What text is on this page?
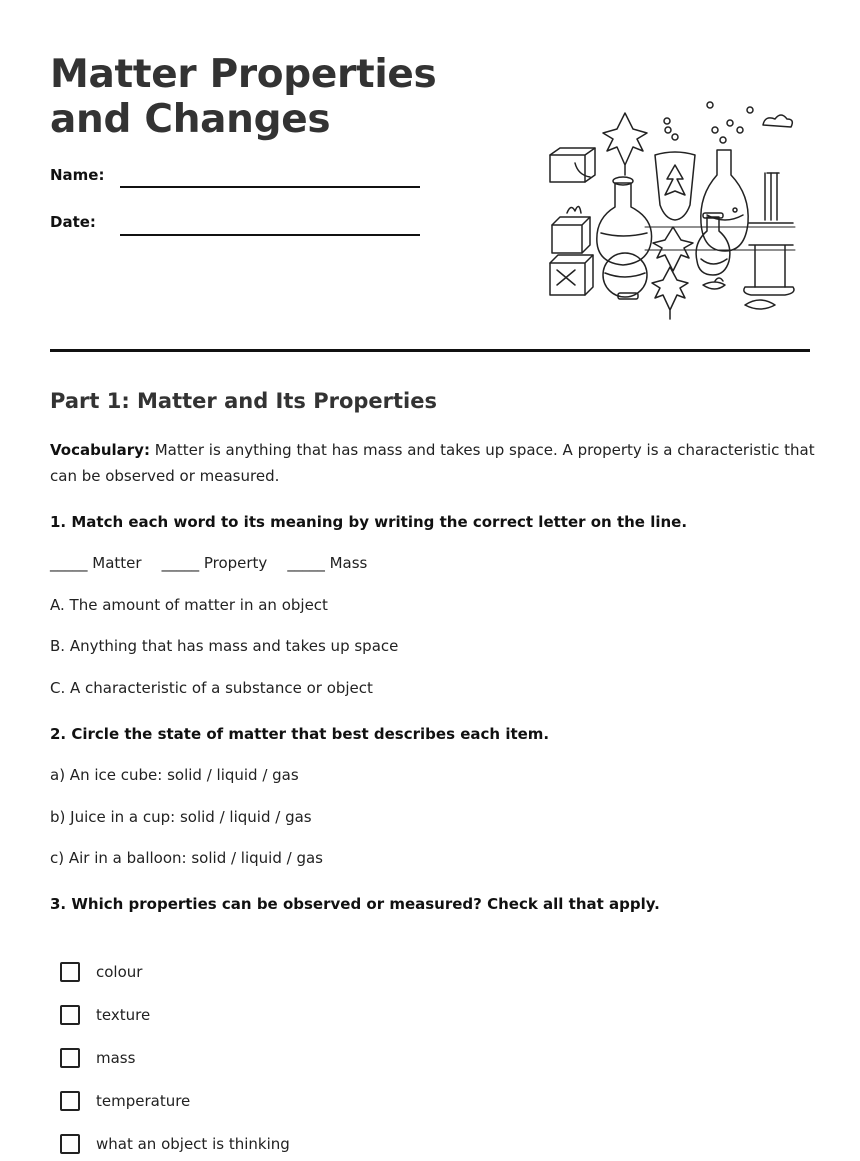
Matter Properties and Changes
Name:
Date:
Part 1: Matter and Its Properties
Vocabulary: Matter is anything that has mass and takes up space. A property is a characteristic that can be observed or measured.
1. Match each word to its meaning by writing the correct letter on the line.
_____ Matter _____ Property _____ Mass
A. The amount of matter in an object
B. Anything that has mass and takes up space
C. A characteristic of a substance or object
2. Circle the state of matter that best describes each item.
a) An ice cube: solid / liquid / gas
b) Juice in a cup: solid / liquid / gas
c) Air in a balloon: solid / liquid / gas
3. Which properties can be observed or measured? Check all that apply.
colour
texture
mass
temperature
what an object is thinking
